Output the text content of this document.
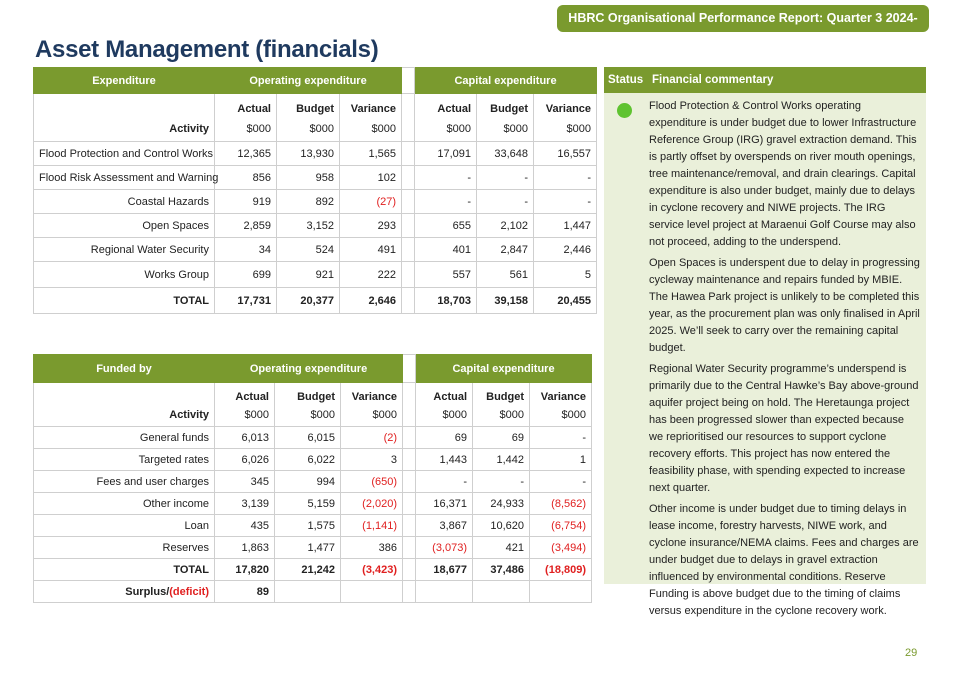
HBRC Organisational Performance Report: Quarter 3 2024-2025
Asset Management (financials)
Expenditure	Operating expenditure				Capital expenditure		
	Actual	Budget	Variance		Actual	Budget	Variance
Activity	$000	$000	$000		$000	$000	$000
Flood Protection and Control Works	12,365	13,930	1,565		17,091	33,648	16,557
Flood Risk Assessment and Warning	856	958	102		-	-	-
Coastal Hazards	919	892	(27)		-	-	-
Open Spaces	2,859	3,152	293		655	2,102	1,447
Regional Water Security	34	524	491		401	2,847	2,446
Works Group	699	921	222		557	561	5
TOTAL	17,731	20,377	2,646		18,703	39,158	20,455
Funded by	Operating expenditure				Capital expenditure		
	Actual	Budget	Variance		Actual	Budget	Variance
Activity	$000	$000	$000		$000	$000	$000
General funds	6,013	6,015	(2)		69	69	-
Targeted rates	6,026	6,022	3		1,443	1,442	1
Fees and user charges	345	994	(650)		-	-	-
Other income	3,139	5,159	(2,020)		16,371	24,933	(8,562)
Loan	435	1,575	(1,141)		3,867	10,620	(6,754)
Reserves	1,863	1,477	386		(3,073)	421	(3,494)
TOTAL	17,820	21,242	(3,423)		18,677	37,486	(18,809)
Surplus/(deficit)	89						
Status Financial commentary

Flood Protection & Control Works operating expenditure is under budget due to lower Infrastructure Reference Group (IRG) gravel extraction demand. This is partly offset by overspends on river mouth openings, tree maintenance/removal, and drain clearings. Capital expenditure is also under budget, mainly due to delays in cyclone recovery and NIWE projects. The IRG service level project at Maraenui Golf Course may also not proceed, adding to the underspend.

Open Spaces is underspent due to delay in progressing cycleway maintenance and repairs funded by MBIE. The Hawea Park project is unlikely to be completed this year, as the procurement plan was only finalised in April 2025. We’ll seek to carry over the remaining capital budget.

Regional Water Security programme’s underspend is primarily due to the Central Hawke’s Bay above-ground aquifer project being on hold. The Heretaunga project has been progressed slower than expected because we reprioritised our resources to support cyclone recovery efforts. This project has now entered the feasibility phase, with spending expected to increase next quarter.

Other income is under budget due to timing delays in lease income, forestry harvests, NIWE work, and cyclone insurance/NEMA claims. Fees and charges are under budget due to delays in gravel extraction influenced by environmental conditions. Reserve Funding is above budget due to the timing of claims versus expenditure in the cyclone recovery work.

29
